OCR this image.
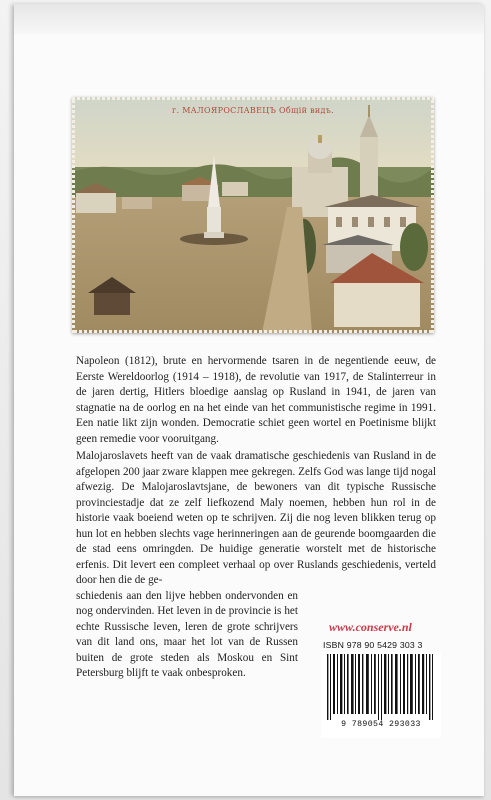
г. МАЛОЯРОСЛАВЕЦЪ Общій видъ.

Napoleon (1812), brute en hervormende tsaren in de negentiende eeuw, de Eerste Wereldoorlog (1914 – 1918), de revolutie van 1917, de Stalinterreur in de jaren dertig, Hitlers bloedige aanslag op Rusland in 1941, de jaren van stagnatie na de oorlog en na het einde van het communistische regime in 1991. Een natie likt zijn wonden. Democratie schiet geen wortel en Poetinisme blijkt geen remedie voor vooruitgang.

Malojaroslavets heeft van de vaak dramatische geschiedenis van Rusland in de afgelopen 200 jaar zware klappen mee gekregen. Zelfs God was lange tijd nogal afwezig. De Malojaroslavtsjane, de bewoners van dit typische Russische provinciestadje dat ze zelf liefkozend Maly noemen, hebben hun rol in de historie vaak boeiend weten op te schrijven. Zij die nog leven blikken terug op hun lot en hebben slechts vage herinneringen aan de geurende boomgaarden die de stad eens omringden. De huidige generatie worstelt met de historische erfenis. Dit levert een compleet verhaal op over Ruslands geschiedenis, verteld door hen die de ge-

schiedenis aan den lijve hebben ondervonden en nog ondervinden. Het leven in de provincie is het echte Russische leven, leren de grote schrijvers van dit land ons, maar het lot van de Russen buiten de grote steden als Moskou en Sint Petersburg blijft te vaak onbesproken.

www.conserve.nl
ISBN 978 90 5429 303 3
9 789054 293033
